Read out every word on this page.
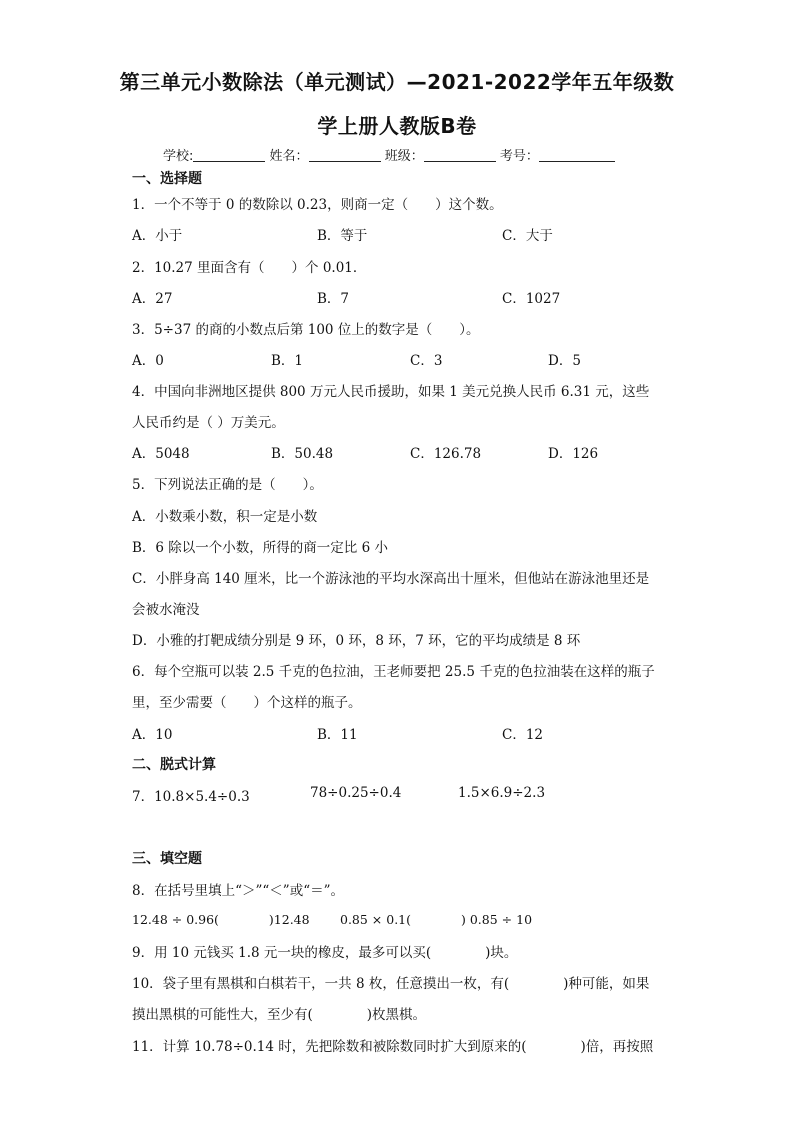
第三单元小数除法（单元测试）—2021-2022学年五年级数
学上册人教版B卷
学校:	姓名：	班级：	考号：
一、选择题
1．一个不等于 0 的数除以 0.23，则商一定（　　）这个数。
A．小于	B．等于	C．大于
2．10.27 里面含有（　　）个 0.01．
A．27	B．7	C．1027
3．5÷37 的商的小数点后第 100 位上的数字是（　　）。
A．0	B．1	C．3	D．5
4．中国向非洲地区提供 800 万元人民币援助，如果 1 美元兑换人民币 6.31 元，这些
人民币约是（ ）万美元。
A．5048	B．50.48	C．126.78	D．126
5．下列说法正确的是（　　）。
A．小数乘小数，积一定是小数
B．6 除以一个小数，所得的商一定比 6 小
C．小胖身高 140 厘米，比一个游泳池的平均水深高出十厘米，但他站在游泳池里还是
会被水淹没
D．小雅的打靶成绩分别是 9 环，0 环，8 环，7 环，它的平均成绩是 8 环
6．每个空瓶可以装 2.5 千克的色拉油，王老师要把 25.5 千克的色拉油装在这样的瓶子
里，至少需要（　　）个这样的瓶子。
A．10	B．11	C．12
二、脱式计算
7．10.8×5.4÷0.3	78÷0.25÷0.4	1.5×6.9÷2.3
三、填空题
8．在括号里填上“＞”“＜”或“＝”。
12.48 ÷ 0.96(　　　　)12.48 0.85 × 0.1(　　　　) 0.85 ÷ 10
9．用 10 元钱买 1.8 元一块的橡皮，最多可以买(　　　　)块。
10．袋子里有黑棋和白棋若干，一共 8 枚，任意摸出一枚，有(　　　　)种可能，如果
摸出黑棋的可能性大，至少有(　　　　)枚黑棋。
11．计算 10.78÷0.14 时，先把除数和被除数同时扩大到原来的(　　　　)倍，再按照
